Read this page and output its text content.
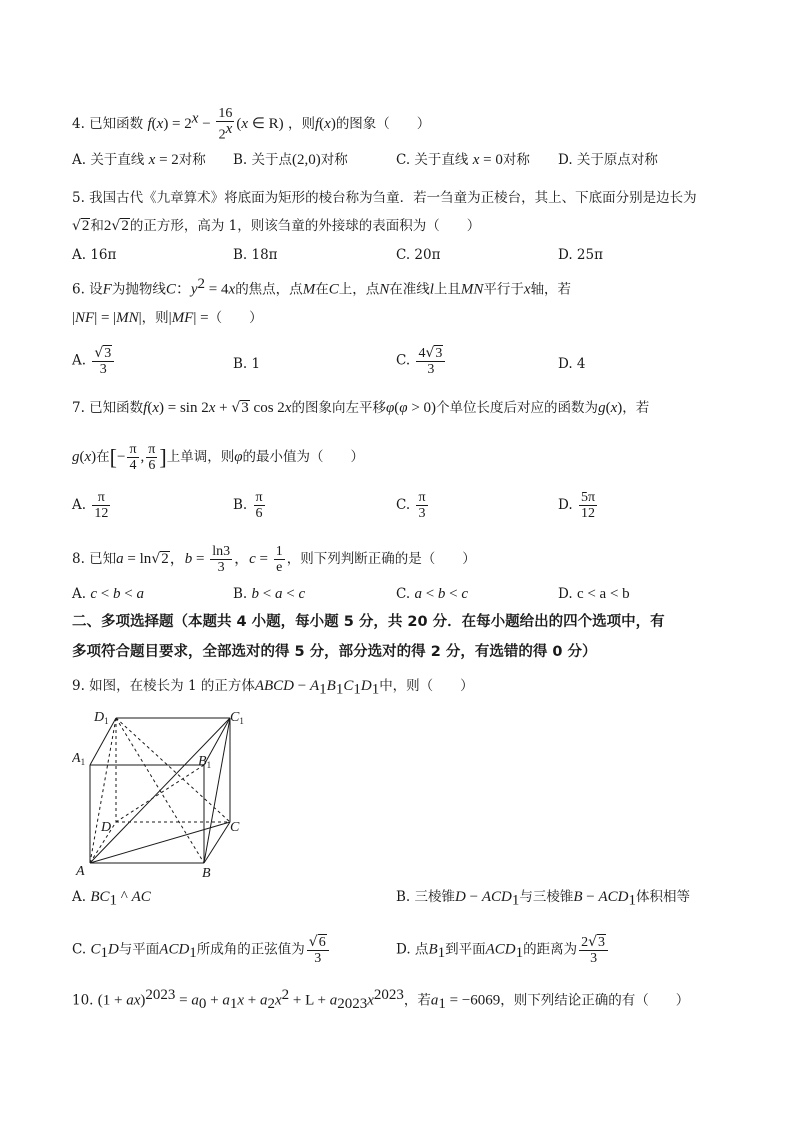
4. 已知函数 $f(x) = 2^x - \frac{16}{2^x} (x$ ∈ R) ，则f(x)的图象（　　）
A. 关于直线 x = 2对称 B. 关于点(2,0)对称	C. 关于直线 x = 0对称 D. 关于原点对称
5. 我国古代《九章算术》将底面为矩形的棱台称为刍童．若一刍童为正棱台，其上、下底面分别是边长为
√2和2√2的正方形，高为 1，则该刍童的外接球的表面积为（　　）
A. 16π	B. 18π	C. 20π	D. 25π
6. 设F为抛物线C：$y^2 = 4x$的焦点，点M在C上，点N在准线l上且MN平行于x轴，若
|NF| = |MN|，则|MF| =（　　）
A. $\frac{√3}{3}$	B. 1	C. $\frac{4√3}{3}$	D. 4
7. 已知函数f(x) = sin 2x + √3 cos 2x的图象向左平移φ(φ > 0)个单位长度后对应的函数为g(x)，若
g(x)在[− $\frac{\pi}{4}$ , $\frac{\pi}{6}$ ]上单调，则φ的最小值为（　　）
A. $\frac{\pi}{12}$	B. $\frac{\pi}{6}$	C. $\frac{\pi}{3}$	D. $\frac{5\pi}{12}$
8. 已知a = ln√2，$b = \frac{\ln 3}{3}$ ，$c = \frac{1}{e}$ ，则下列判断正确的是（　　）
A. c < b < a	B. b < a < c	C. a < b < c	D. c < a < b
二、多项选择题（本题共 4 小题，每小题 5 分，共 20 分．在每小题给出的四个选项中，有
多项符合题目要求，全部选对的得 5 分，部分选对的得 2 分，有选错的得 0 分）
9. 如图，在棱长为 1 的正方体ABCD − $A_1B_1C_1D_1$中，则（　　）
$D_1$	$C_1$
$A_1$	$B_1$
D	C
A	B
A. $BC_1$ ^ AC	B. 三棱锥$D - ACD_1$与三棱锥$B - ACD_1$体积相等
C. $C_1D$与平面$ACD_1$所成角的正弦值为 $\frac{√6}{3}$	D. 点$B_1$到平面$ACD_1$的距离为 $\frac{2√3}{3}$
10. $(1 + ax)^{2023} = a_0 + a_1x + a_2x^2 + L + a_{2023}x^{2023}$，若$a_1 = -6069$，则下列结论正确的有（　　）
